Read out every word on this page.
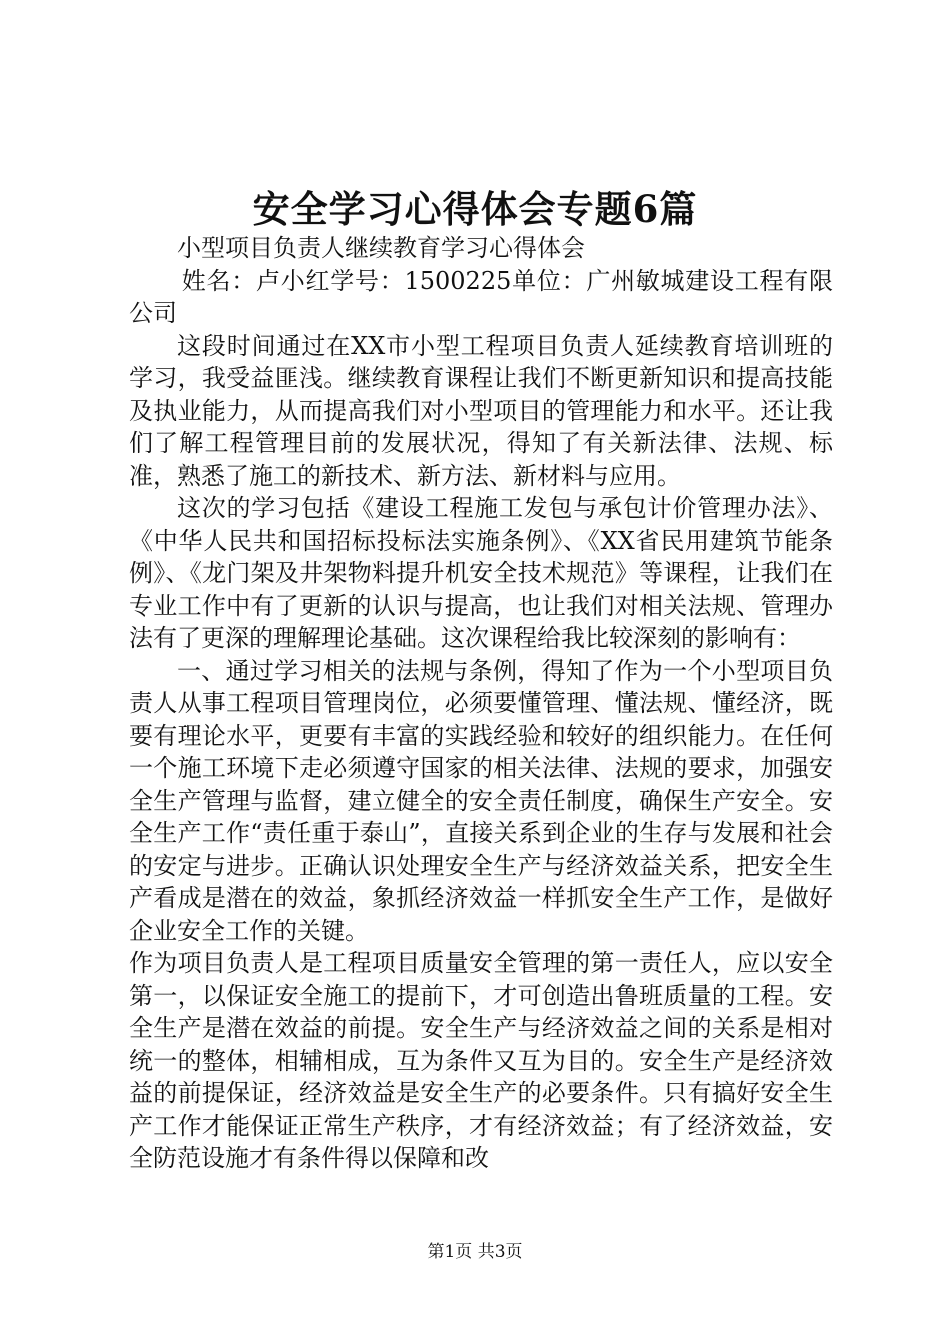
安全学习心得体会专题6篇

小型项目负责人继续教育学习心得体会

姓名：卢小红学号：1500225单位：广州敏城建设工程有限公司

这段时间通过在XX市小型工程项目负责人延续教育培训班的学习，我受益匪浅。继续教育课程让我们不断更新知识和提高技能及执业能力，从而提高我们对小型项目的管理能力和水平。还让我们了解工程管理目前的发展状况，得知了有关新法律、法规、标准，熟悉了施工的新技术、新方法、新材料与应用。

这次的学习包括《建设工程施工发包与承包计价管理办法》、《中华人民共和国招标投标法实施条例》、《XX省民用建筑节能条例》、《龙门架及井架物料提升机安全技术规范》等课程，让我们在专业工作中有了更新的认识与提高，也让我们对相关法规、管理办法有了更深的理解理论基础。这次课程给我比较深刻的影响有：

一、通过学习相关的法规与条例，得知了作为一个小型项目负责人从事工程项目管理岗位，必须要懂管理、懂法规、懂经济，既要有理论水平，更要有丰富的实践经验和较好的组织能力。在任何一个施工环境下走必须遵守国家的相关法律、法规的要求，加强安全生产管理与监督，建立健全的安全责任制度，确保生产安全。安全生产工作“责任重于泰山”，直接关系到企业的生存与发展和社会的安定与进步。正确认识处理安全生产与经济效益关系，把安全生产看成是潜在的效益，象抓经济效益一样抓安全生产工作，是做好企业安全工作的关键。

作为项目负责人是工程项目质量安全管理的第一责任人，应以安全第一，以保证安全施工的提前下，才可创造出鲁班质量的工程。安全生产是潜在效益的前提。安全生产与经济效益之间的关系是相对统一的整体，相辅相成，互为条件又互为目的。安全生产是经济效益的前提保证，经济效益是安全生产的必要条件。只有搞好安全生产工作才能保证正常生产秩序，才有经济效益；有了经济效益，安全防范设施才有条件得以保障和改

第1页 共3页
